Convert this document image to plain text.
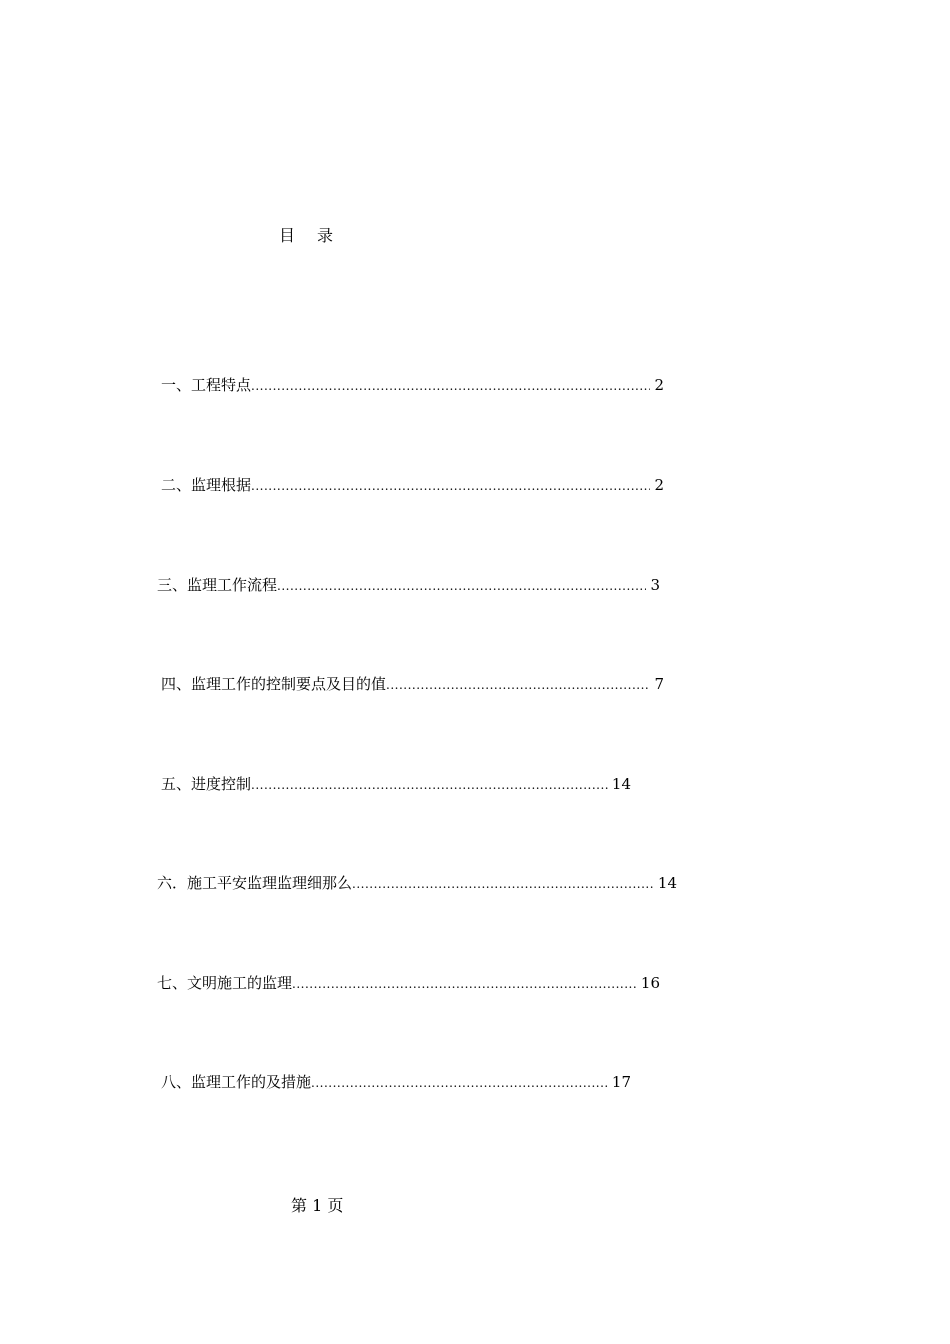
目 录
一、工程特点 .....	2
二、监理根据 .....	2
三、监理工作流程 .....	3
四、监理工作的控制要点及目的值 .....	7
五、进度控制 .....	14
六．施工平安监理监理细那么 .....	14
七、文明施工的监理 .....	16
八、监理工作的及措施 .....	17
第 1 页
